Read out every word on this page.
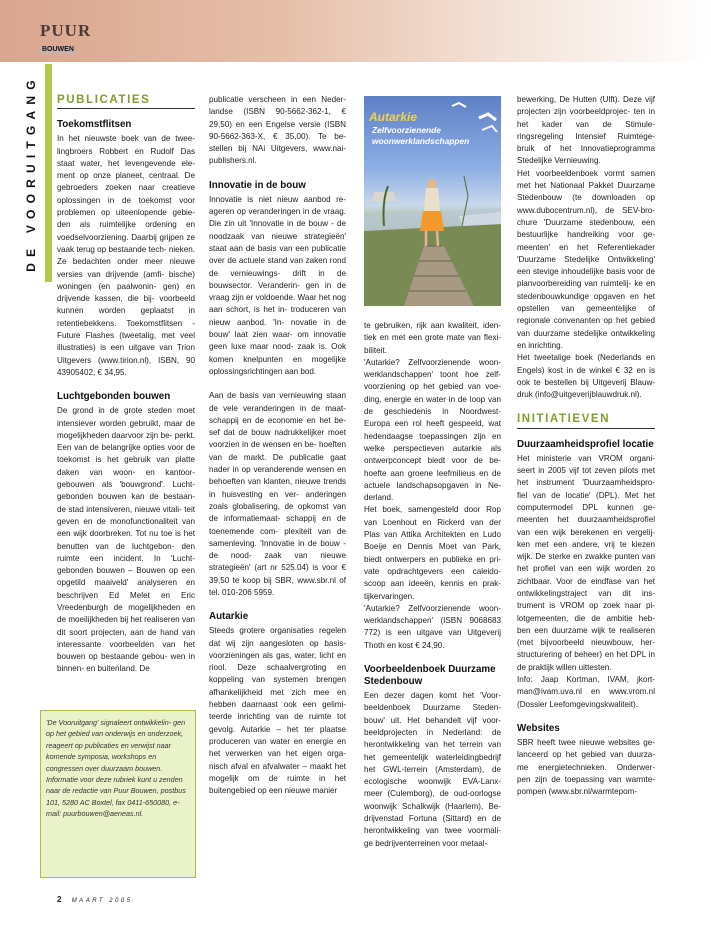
PUUR
BOUWEN
DE VOORUITGANG	PUBLICATIES
Toekomstflitsen

In het nieuwste boek van de twee- lingbroers Robbert en Rudolf Das staat water, het levengevende ele- ment op onze planeet, centraal. De gebroeders zoeken naar creatieve oplossingen in de toekomst voor problemen op uiteenlopende gebie- den als ruimtelijke ordening en voedselvoorziening. Daarbij grijpen ze vaak terug op bestaande tech- nieken. Ze bedachten onder meer nieuwe versies van drijvende (amfi- bische) woningen (en paalwonin- gen) en drijvende kassen, die bij- voorbeeld kunnen worden geplaatst in retentiebekkens. Toekomstflitsen - Future Flashes (tweetalig, met veel illustraties) is een uitgave van Trion Uitgevers (www.tirion.nl), ISBN, 90 43905402, € 34,95.

Luchtgebonden bouwen

De grond in de grote steden moet intensiever worden gebruikt, maar de mogelijkheden daarvoor zijn be- perkt. Een van de belangrijke opties voor de toekomst is het gebruik van platte daken van woon- en kantoor- gebouwen als 'bouwgrond'. Lucht- gebonden bouwen kan de bestaan- de stad intensiveren, nieuwe vitali- teit geven en de monofunctionaliteit van een wijk doorbreken. Tot nu toe is het benutten van de luchtgebon- den ruimte een incident. In 'Lucht- gebonden bouwen – Bouwen op een opgetild maaiveld' analyseren en beschrijven Ed Melet en Eric Vreedenburgh de mogelijkheden en de moeilijkheden bij het realiseren van dit soort projecten, aan de hand van interessante voorbeelden van het bouwen op bestaande gebou- wen in binnen- en buitenland. De

'De Vooruitgang' signaleert ontwikkelin- gen op het gebied van onderwijs en onderzoek, reageert op publicaties en verwijst naar komende symposia, workshops en congressen over duurzaam bouwen. Informatie voor deze rubriek kunt u zenden naar de redactie van Puur Bouwen, postbus 101, 5280 AC Boxtel, fax 0411-650080, e-mail: puurbouwen@aeneas.nl.

publicatie verscheen in een Neder- landse (ISBN 90-5662-362-1, € 29,50) en een Engelse versie (ISBN 90-5662-363-X, € 35,00). Te be- stellen bij NAi Uitgevers, www.nai- publishers.nl.

Innovatie in de bouw

Innovatie is niet nieuw aanbod re- ageren op veranderingen in de vraag. Die zin uit 'Innovatie in de bouw - de noodzaak van nieuwe strategieën' staat aan de basis van een publicatie over de actuele stand van zaken rond de vernieuwings- drift in de bouwsector. Veranderin- gen in de vraag zijn er voldoende. Waar het nog aan schort, is het in- troduceren van nieuw aanbod. 'In- novatie in de bouw' laat zien waar- om innovatie geen luxe maar nood- zaak is. Ook komen knelpunten en mogelijke oplossingsrichtingen aan bod.

Aan de basis van vernieuwing staan de vele veranderingen in de maat- schappij en de economie en het be- sef dat de bouw nadrukkelijker moet voorzien in de wensen en be- hoeften van de markt. De publicatie gaat nader in op veranderende wensen en behoeften van klanten, nieuwe trends in huisvesting en ver- anderingen zoals globalisering, de opkomst van de informatiemaat- schappij en de toenemende com- plexiteit van de samenleving. 'Innovatie in de bouw - de nood- zaak van nieuwe strategieën' (art nr 525.04) is voor € 39,50 te koop bij SBR, www.sbr.nl of tel. 010-206 5959.

Autarkie

Steeds grotere organisaties regelen dat wij zijn aangesloten op basis- voorzieningen als gas, water, licht en riool. Deze schaalvergroting en koppeling van systemen brengen afhankelijkheid met zich mee en hebben daarnaast ook een gelimi- teerde inrichting van de ruimte tot gevolg. Autarkie – het ter plaatse produceren van water en energie en het verwerken van het eigen orga- nisch afval en afvalwater – maakt het mogelijk om de ruimte in het buitengebied op een nieuwe manier

Autarkie
Zelfvoorzienende
woonwerklandschappen

te gebruiken, rijk aan kwaliteit, iden- tiek en met een grote mate van flexi- biliteit.

'Autarkie? Zelfvoorzienende woon- werklandschappen' toont hoe zelf- voorziening op het gebied van voe- ding, energie en water in de loop van de geschiedenis in Noordwest- Europa een rol heeft gespeeld, wat hedendaagse toepassingen zijn en welke perspectieven autarkie als ontwerpconcept biedt voor de be- hoefte aan groene leefmilieus en de actuele landschapsopgaven in Ne- derland.

Het boek, samengesteld door Rop van Loenhout en Rickerd van der Plas van Attika Architekten en Ludo Boeije en Dennis Moet van Park, biedt ontwerpers en publieke en pri- vate opdrachtgevers een caleido- scoop aan ideeën, kennis en prak- tijkervaringen.

'Autarkie? Zelfvoorzienende woon- werklandschappen' (ISBN 9068683 772) is een uitgave van Uitgeverij Thoth en kost € 24,90.

Voorbeeldenboek Duurzame Stedenbouw

Een dezer dagen komt het 'Voor- beeldenboek Duurzame Steden- bouw' uit. Het behandelt vijf voor- beeldprojecten in Nederland: de herontwikkeling van het terrein van het gemeentelijk waterleidingbedrijf het GWL-terrein (Amsterdam), de ecologische woonwijk EVA-Lanx- meer (Culemborg), de oud-oorlogse woonwijk Schalkwijk (Haarlem), Be- drijvenstad Fortuna (Sittard) en de herontwikkeling van twee voormali- ge bedrijventerreinen voor metaal-

bewerking, De Hutten (Ulft). Deze vijf projecten zijn voorbeeldprojec- ten in het kader van de Stimule- ringsregeling Intensief Ruimtege- bruik of het Innovatieprogramma Stedelijke Vernieuwing.

Het voorbeeldenboek vormt samen met het Nationaal Pakket Duurzame Stedenbouw (te downloaden op www.dubocentrum.nl), de SEV-bro- chure 'Duurzame stedenbouw, een bestuurlijke handreiking voor ge- meenten' en het Referentiekader 'Duurzame Stedelijke Ontwikkeling' een stevige inhoudelijke basis voor de planvoorbereiding van ruimtelij- ke en stedenbouwkundige opgaven en het opstellen van gemeentelijke of regionale convenanten op het gebied van duurzame stedelijke ontwikkeling en inrichting.

Het tweetalige boek (Nederlands en Engels) kost in de winkel € 32 en is ook te bestellen bij Uitgeverij Blauw- druk (info@uitgeverijblauwdruk.nl).

INITIATIEVEN
Duurzaamheidsprofiel locatie

Het ministerie van VROM organi- seert in 2005 vijf tot zeven pilots met het instrument 'Duurzaamheidspro- fiel van de locatie' (DPL). Met het computermodel DPL kunnen ge- meenten het duurzaamheidsprofiel van een wijk berekenen en vergelij- ken met een andere, vrij te kiezen wijk. De sterke en zwakke punten van het profiel van een wijk worden zo zichtbaar. Voor de eindfase van het ontwikkelingstraject van dit ins- trument is VROM op zoek naar pi- lotgemeenten, die de ambitie heb- ben een duurzame wijk te realiseren (met bijvoorbeeld nieuwbouw, her- structurering of beheer) en het DPL in de praktijk willen uittesten.

Info: Jaap Kortman, IVAM, jkort- man@ivam.uva.nl en www.vrom.nl (Dossier Leefomgevingskwaliteit).

Websites

SBR heeft twee nieuwe websites ge- lanceerd op het gebied van duurza- me energietechnieken. Onderwer- pen zijn de toepassing van warmte- pompen (www.sbr.nl/warmtepom-

2 MAART 2005
